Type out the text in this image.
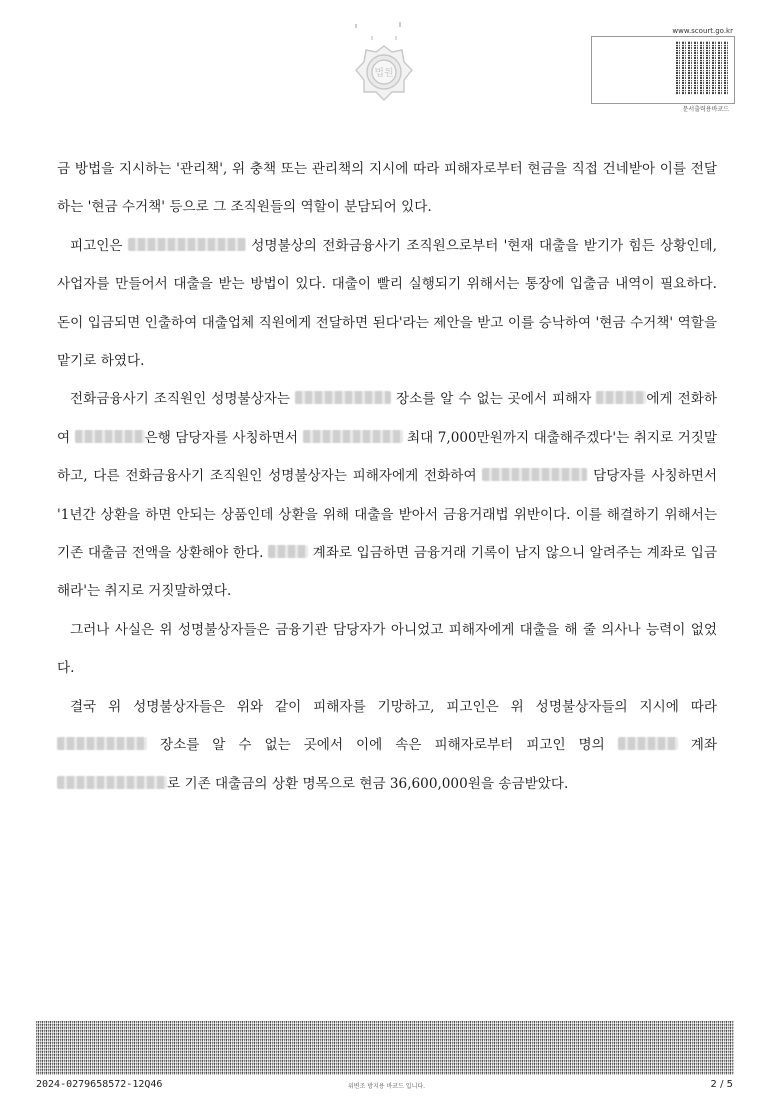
법원
www.scourt.go.kr
문서출력용바코드

금 방법을 지시하는 '관리책', 위 충책 또는 관리책의 지시에 따라 피해자로부터 현금을 직접 건네받아 이를 전달하는 '현금 수거책' 등으로 그 조직원들의 역할이 분담되어 있다.

피고인은	성명불상의 전화금융사기 조직원으로부터 '현재 대출을 받기가 힘든 상황인데, 사업자를 만들어서 대출을 받는 방법이 있다. 대출이 빨리 실행되기 위해서는 통장에 입출금 내역이 필요하다. 돈이 입금되면 인출하여 대출업체 직원에게 전달하면 된다'라는 제안을 받고 이를 승낙하여 '현금 수거책' 역할을 맡기로 하였다.

전화금융사기 조직원인 성명불상자는	장소를 알 수 없는 곳에서 피해자	에게 전화하여	은행 담당자를 사칭하면서	최대 7,000만원까지 대출해주겠다'는 취지로 거짓말하고, 다른 전화금융사기 조직원인 성명불상자는 피해자에게 전화하여	담당자를 사칭하면서 '1년간 상환을 하면 안되는 상품인데 상환을 위해 대출을 받아서 금융거래법 위반이다. 이를 해결하기 위해서는 기존 대출금 전액을 상환해야 한다.	계좌로 입금하면 금융거래 기록이 남지 않으니 알려주는 계좌로 입금해라'는 취지로 거짓말하였다.

그러나 사실은 위 성명불상자들은 금융기관 담당자가 아니었고 피해자에게 대출을 해 줄 의사나 능력이 없었다.

결국 위 성명불상자들은 위와 같이 피해자를 기망하고, 피고인은 위 성명불상자들의 지시에 따라  장소를 알 수 없는 곳에서 이에 속은 피해자로부터 피고인 명의	계좌로 기존 대출금의 상환 명목으로 현금 36,600,000원을 송금받았다.

2024-0279658572-12Q46	위변조 방지용 바코드 입니다.	2 / 5
